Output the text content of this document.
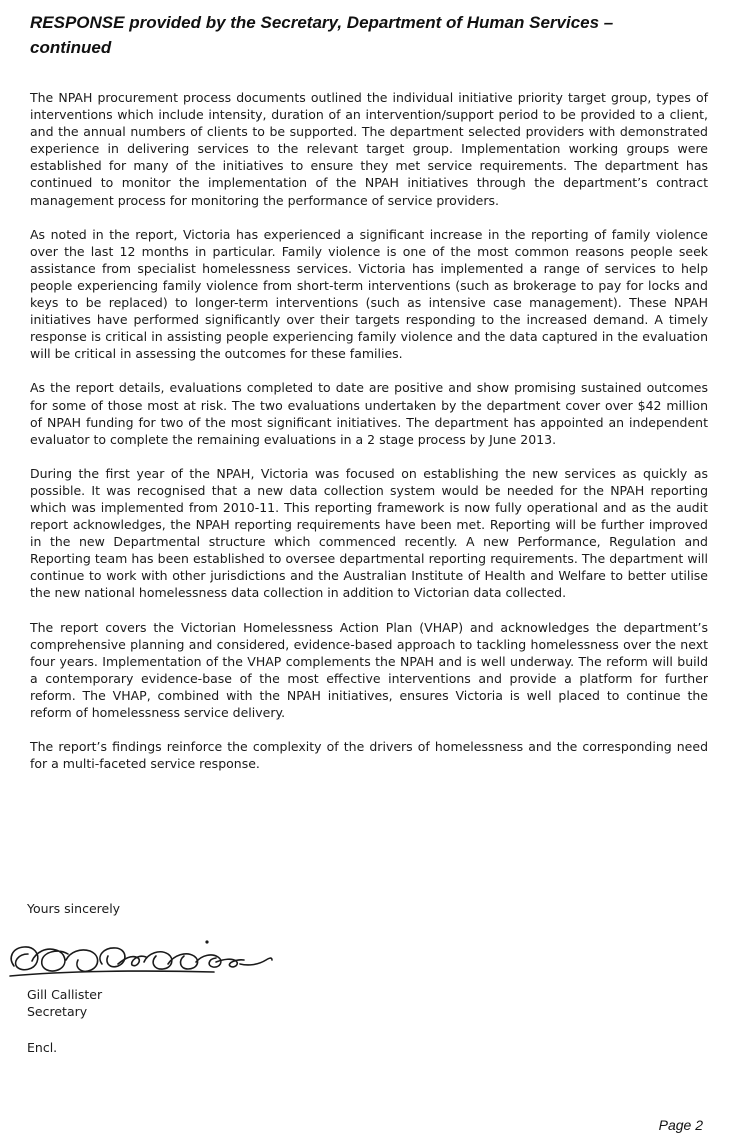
RESPONSE provided by the Secretary, Department of Human Services – continued

The NPAH procurement process documents outlined the individual initiative priority target group, types of interventions which include intensity, duration of an intervention/support period to be provided to a client, and the annual numbers of clients to be supported. The department selected providers with demonstrated experience in delivering services to the relevant target group. Implementation working groups were established for many of the initiatives to ensure they met service requirements. The department has continued to monitor the implementation of the NPAH initiatives through the department’s contract management process for monitoring the performance of service providers.

As noted in the report, Victoria has experienced a significant increase in the reporting of family violence over the last 12 months in particular. Family violence is one of the most common reasons people seek assistance from specialist homelessness services. Victoria has implemented a range of services to help people experiencing family violence from short-term interventions (such as brokerage to pay for locks and keys to be replaced) to longer-term interventions (such as intensive case management). These NPAH initiatives have performed significantly over their targets responding to the increased demand. A timely response is critical in assisting people experiencing family violence and the data captured in the evaluation will be critical in assessing the outcomes for these families.

As the report details, evaluations completed to date are positive and show promising sustained outcomes for some of those most at risk. The two evaluations undertaken by the department cover over $42 million of NPAH funding for two of the most significant initiatives. The department has appointed an independent evaluator to complete the remaining evaluations in a 2 stage process by June 2013.

During the first year of the NPAH, Victoria was focused on establishing the new services as quickly as possible. It was recognised that a new data collection system would be needed for the NPAH reporting which was implemented from 2010-11. This reporting framework is now fully operational and as the audit report acknowledges, the NPAH reporting requirements have been met. Reporting will be further improved in the new Departmental structure which commenced recently. A new Performance, Regulation and Reporting team has been established to oversee departmental reporting requirements. The department will continue to work with other jurisdictions and the Australian Institute of Health and Welfare to better utilise the new national homelessness data collection in addition to Victorian data collected.

The report covers the Victorian Homelessness Action Plan (VHAP) and acknowledges the department’s comprehensive planning and considered, evidence-based approach to tackling homelessness over the next four years. Implementation of the VHAP complements the NPAH and is well underway. The reform will build a contemporary evidence-base of the most effective interventions and provide a platform for further reform. The VHAP, combined with the NPAH initiatives, ensures Victoria is well placed to continue the reform of homelessness service delivery.

The report’s findings reinforce the complexity of the drivers of homelessness and the corresponding need for a multi-faceted service response.

Yours sincerely

Gill Callister

Secretary

Encl.

Page 2
